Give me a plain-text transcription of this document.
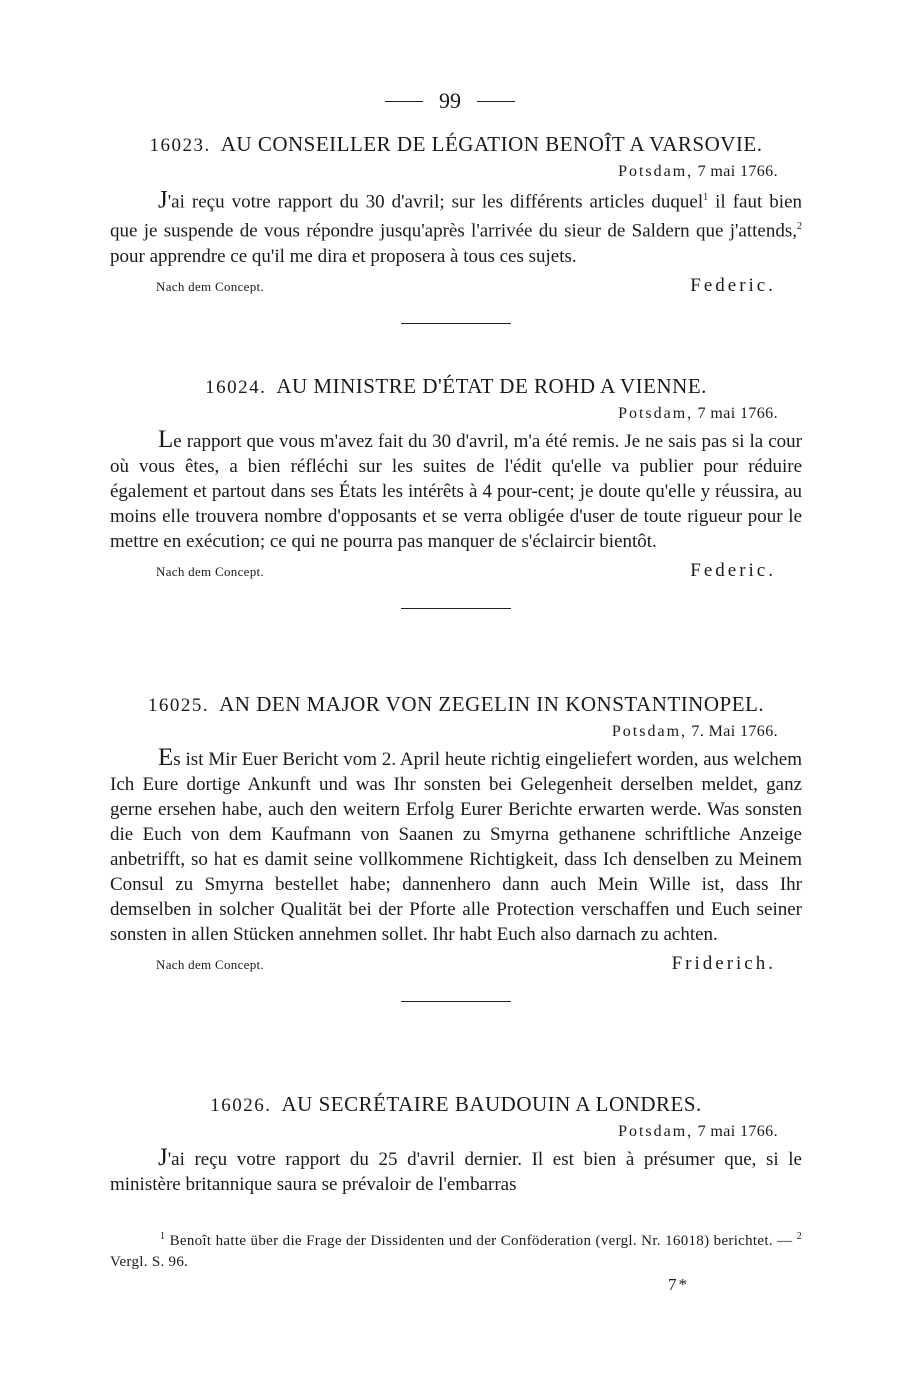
99
16023. AU CONSEILLER DE LÉGATION BENOÎT A VARSOVIE.
Potsdam, 7 mai 1766.

J'ai reçu votre rapport du 30 d'avril; sur les différents articles duquel$^1$ il faut bien que je suspende de vous répondre jusqu'après l'arrivée du sieur de Saldern que j'attends,$^2$ pour apprendre ce qu'il me dira et proposera à tous ces sujets.

Nach dem Concept.	Federic.
16024. AU MINISTRE D'ÉTAT DE ROHD A VIENNE.
Potsdam, 7 mai 1766.

Le rapport que vous m'avez fait du 30 d'avril, m'a été remis. Je ne sais pas si la cour où vous êtes, a bien réfléchi sur les suites de l'édit qu'elle va publier pour réduire également et partout dans ses États les intérêts à 4 pour-cent; je doute qu'elle y réussira, au moins elle trouvera nombre d'opposants et se verra obligée d'user de toute rigueur pour le mettre en exécution; ce qui ne pourra pas manquer de s'éclaircir bientôt.

Nach dem Concept.	Federic.
16025. AN DEN MAJOR VON ZEGELIN IN KONSTANTINOPEL.
Potsdam, 7. Mai 1766.

Es ist Mir Euer Bericht vom 2. April heute richtig eingeliefert worden, aus welchem Ich Eure dortige Ankunft und was Ihr sonsten bei Gelegenheit derselben meldet, ganz gerne ersehen habe, auch den weitern Erfolg Eurer Berichte erwarten werde. Was sonsten die Euch von dem Kaufmann von Saanen zu Smyrna gethanene schriftliche Anzeige anbetrifft, so hat es damit seine vollkommene Richtigkeit, dass Ich denselben zu Meinem Consul zu Smyrna bestellet habe; dannenhero dann auch Mein Wille ist, dass Ihr demselben in solcher Qualität bei der Pforte alle Protection verschaffen und Euch seiner sonsten in allen Stücken annehmen sollet. Ihr habt Euch also darnach zu achten.

Nach dem Concept.	Friderich.
16026. AU SECRÉTAIRE BAUDOUIN A LONDRES.
Potsdam, 7 mai 1766.

J'ai reçu votre rapport du 25 d'avril dernier. Il est bien à présumer que, si le ministère britannique saura se prévaloir de l'embarras

$^1$ Benoît hatte über die Frage der Dissidenten und der Conföderation (vergl. Nr. 16018) berichtet. — $^2$ Vergl. S. 96.
7*
